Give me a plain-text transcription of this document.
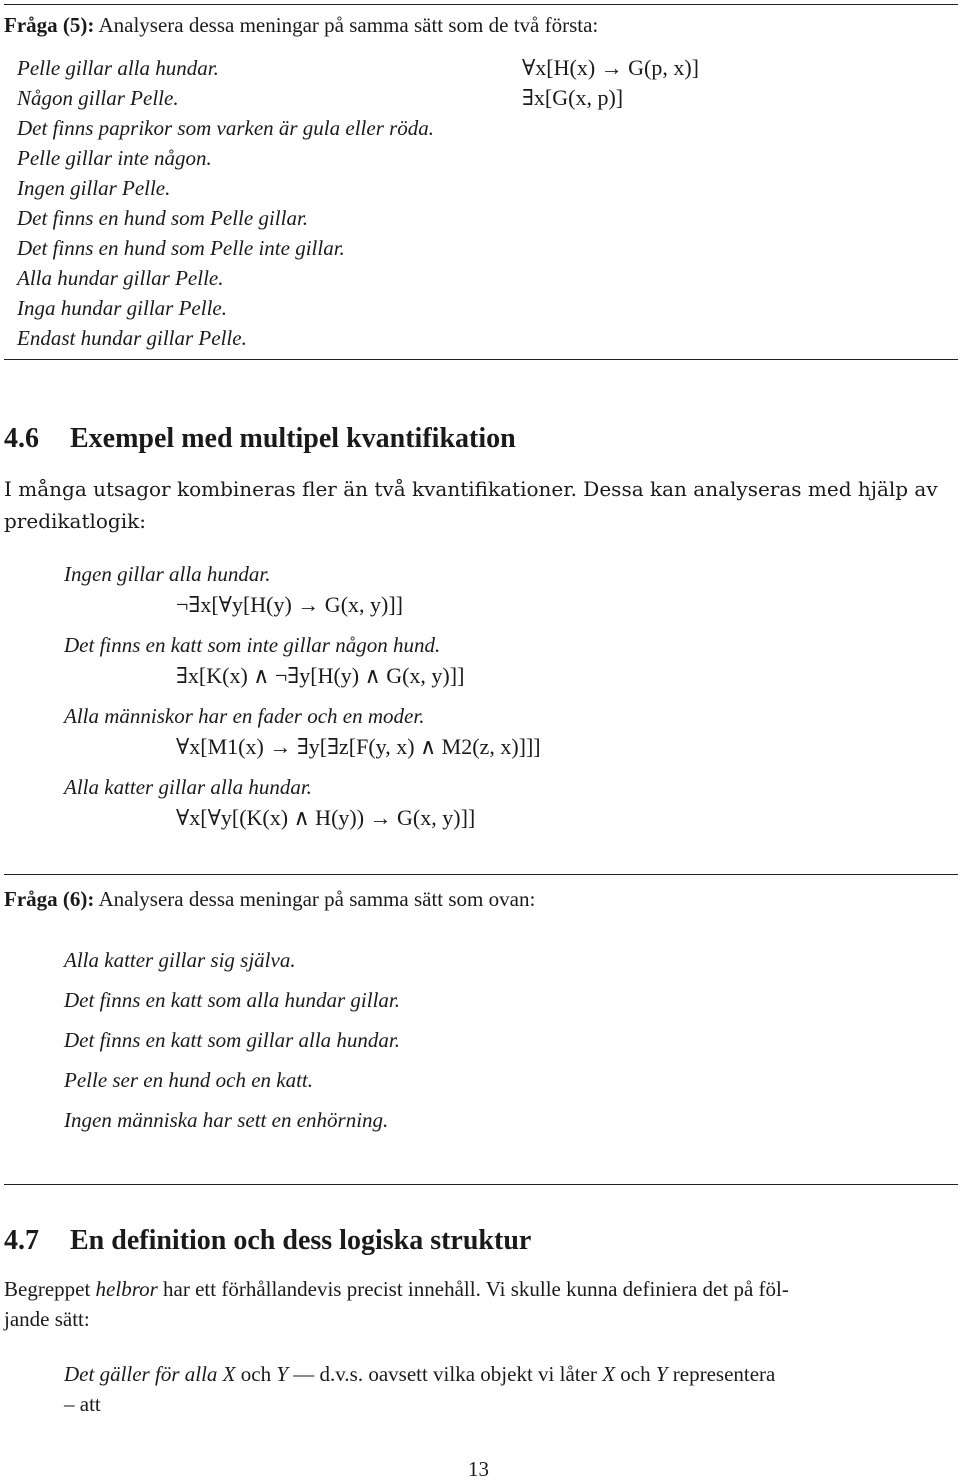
Fråga (5): Analysera dessa meningar på samma sätt som de två första:
Pelle gillar alla hundar.
Någon gillar Pelle.
Det finns paprikor som varken är gula eller röda.
Pelle gillar inte någon.
Ingen gillar Pelle.
Det finns en hund som Pelle gillar.
Det finns en hund som Pelle inte gillar.
Alla hundar gillar Pelle.
Inga hundar gillar Pelle.
Endast hundar gillar Pelle.
∀x[H(x) → G(p, x)]
∃x[G(x, p)]
4.6 Exempel med multipel kvantifikation
I många utsagor kombineras fler än två kvantifikationer. Dessa kan analyseras med hjälp av
predikatlogik:
Ingen gillar alla hundar.
¬∃x[∀y[H(y) → G(x, y)]]
Det finns en katt som inte gillar någon hund.
∃x[K(x) ∧ ¬∃y[H(y) ∧ G(x, y)]]
Alla människor har en fader och en moder.
∀x[M1(x) → ∃y[∃z[F(y, x) ∧ M2(z, x)]]]
Alla katter gillar alla hundar.
∀x[∀y[(K(x) ∧ H(y)) → G(x, y)]]
Fråga (6): Analysera dessa meningar på samma sätt som ovan:
Alla katter gillar sig själva.
Det finns en katt som alla hundar gillar.
Det finns en katt som gillar alla hundar.
Pelle ser en hund och en katt.
Ingen människa har sett en enhörning.
4.7 En definition och dess logiska struktur
Begreppet helbror har ett förhållandevis precist innehåll. Vi skulle kunna definiera det på föl-
jande sätt:
Det gäller för alla X och Y — d.v.s. oavsett vilka objekt vi låter X och Y representera
– att
13
